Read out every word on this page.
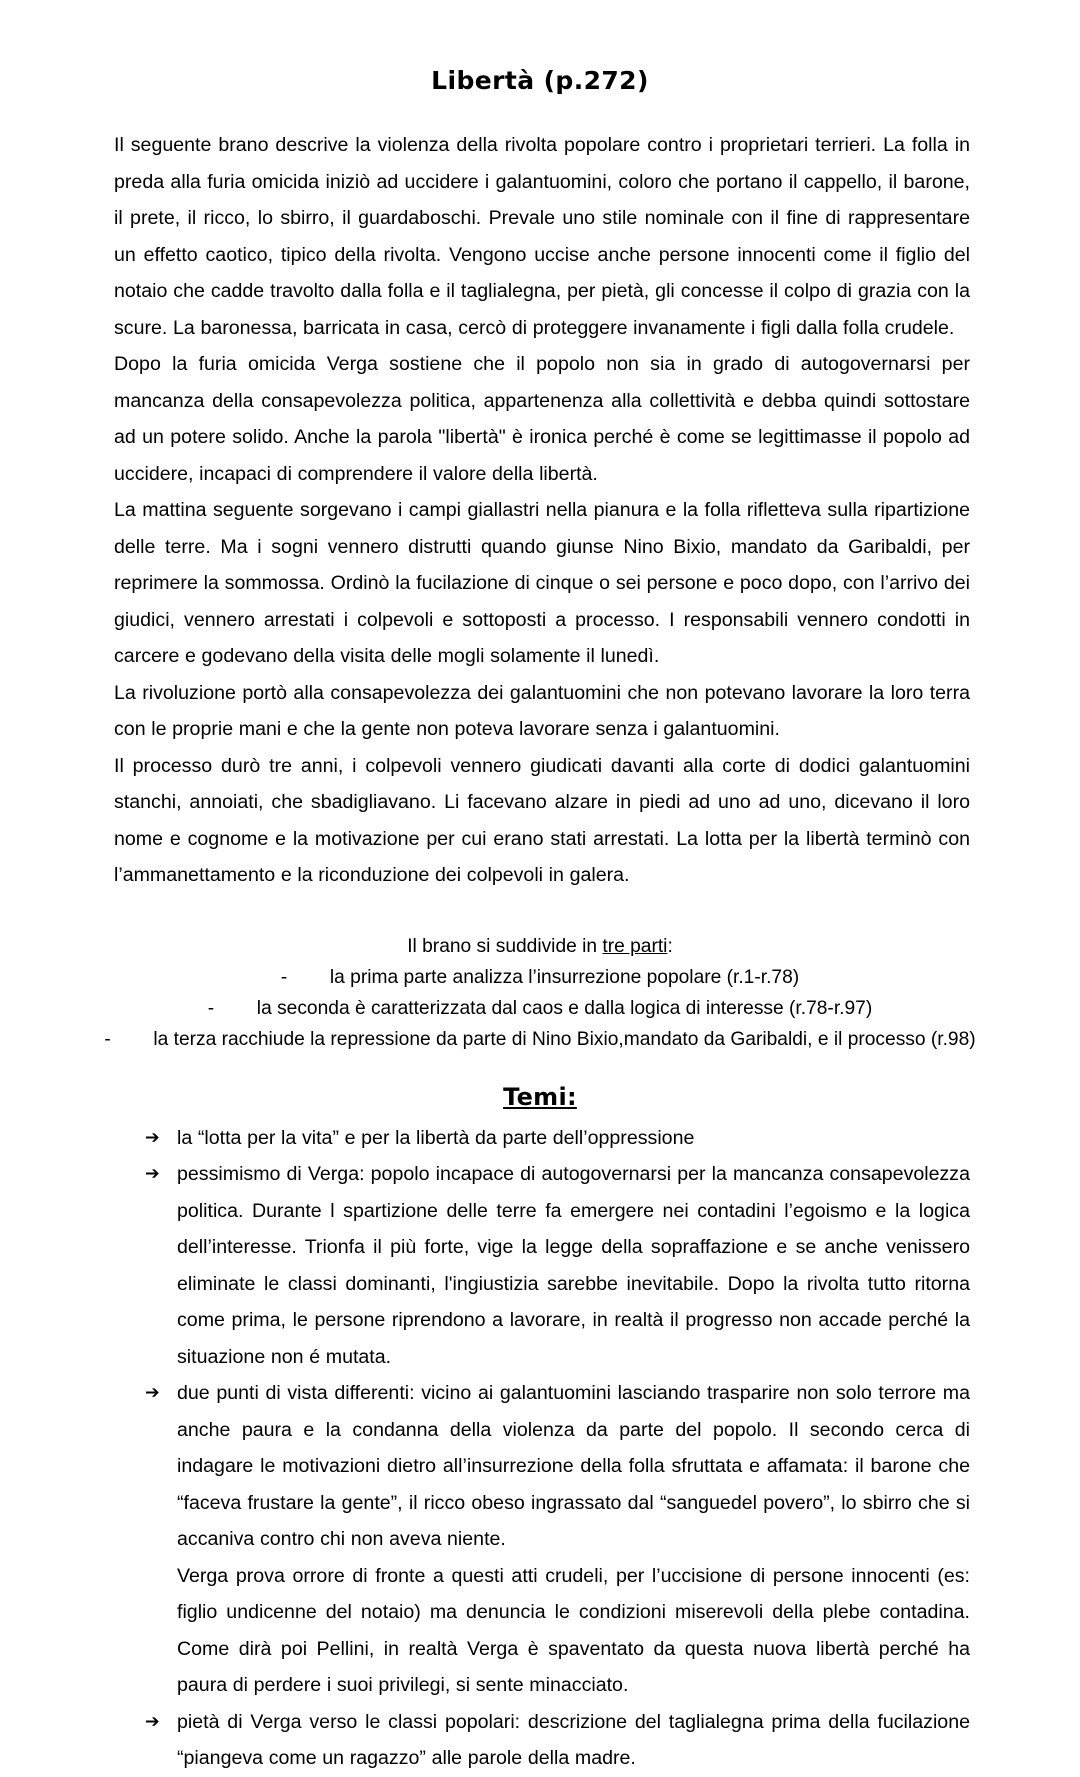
Libertà (p.272)

Il seguente brano descrive la violenza della rivolta popolare contro i proprietari terrieri. La folla in preda alla furia omicida iniziò ad uccidere i galantuomini, coloro che portano il cappello, il barone, il prete, il ricco, lo sbirro, il guardaboschi. Prevale uno stile nominale con il fine di rappresentare un effetto caotico, tipico della rivolta. Vengono uccise anche persone innocenti come il figlio del notaio che cadde travolto dalla folla e il taglialegna, per pietà, gli concesse il colpo di grazia con la scure. La baronessa, barricata in casa, cercò di proteggere invanamente i figli dalla folla crudele.

Dopo la furia omicida Verga sostiene che il popolo non sia in grado di autogovernarsi per mancanza della consapevolezza politica, appartenenza alla collettività e debba quindi sottostare ad un potere solido. Anche la parola "libertà" è ironica perché è come se legittimasse il popolo ad uccidere, incapaci di comprendere il valore della libertà.

La mattina seguente sorgevano i campi giallastri nella pianura e la folla rifletteva sulla ripartizione delle terre. Ma i sogni vennero distrutti quando giunse Nino Bixio, mandato da Garibaldi, per reprimere la sommossa. Ordinò la fucilazione di cinque o sei persone e poco dopo, con l’arrivo dei giudici, vennero arrestati i colpevoli e sottoposti a processo. I responsabili vennero condotti in carcere e godevano della visita delle mogli solamente il lunedì.

La rivoluzione portò alla consapevolezza dei galantuomini che non potevano lavorare la loro terra con le proprie mani e che la gente non poteva lavorare senza i galantuomini.

Il processo durò tre anni, i colpevoli vennero giudicati davanti alla corte di dodici galantuomini stanchi, annoiati, che sbadigliavano. Li facevano alzare in piedi ad uno ad uno, dicevano il loro nome e cognome e la motivazione per cui erano stati arrestati. La lotta per la libertà terminò con l’ammanettamento e la riconduzione dei colpevoli in galera.

Il brano si suddivide in tre parti:
-        la prima parte analizza l’insurrezione popolare (r.1-r.78)
-        la seconda è caratterizzata dal caos e dalla logica di interesse (r.78-r.97)
-        la terza racchiude la repressione da parte di Nino Bixio,mandato da Garibaldi, e il processo (r.98)
Temi:
➔ la “lotta per la vita” e per la libertà da parte dell’oppressione

➔ pessimismo di Verga: popolo incapace di autogovernarsi per la mancanza consapevolezza politica. Durante l spartizione delle terre fa emergere nei contadini l’egoismo e la logica dell’interesse. Trionfa il più forte, vige la legge della sopraffazione e se anche venissero eliminate le classi dominanti, l'ingiustizia sarebbe inevitabile. Dopo la rivolta tutto ritorna come prima, le persone riprendono a lavorare, in realtà il progresso non accade perché la situazione non é mutata.

➔ due punti di vista differenti: vicino ai galantuomini lasciando trasparire non solo terrore ma anche paura e la condanna della violenza da parte del popolo. Il secondo cerca di indagare le motivazioni dietro all’insurrezione della folla sfruttata e affamata: il barone che “faceva frustare la gente”, il ricco obeso ingrassato dal “sanguedel povero”, lo sbirro che si accaniva contro chi non aveva niente.

Verga prova orrore di fronte a questi atti crudeli, per l’uccisione di persone innocenti (es: figlio undicenne del notaio) ma denuncia le condizioni miserevoli della plebe contadina. Come dirà poi Pellini, in realtà Verga è spaventato da questa nuova libertà perché ha paura di perdere i suoi privilegi, si sente minacciato.

➔ pietà di Verga verso le classi popolari: descrizione del taglialegna prima della fucilazione “piangeva come un ragazzo” alle parole della madre.
